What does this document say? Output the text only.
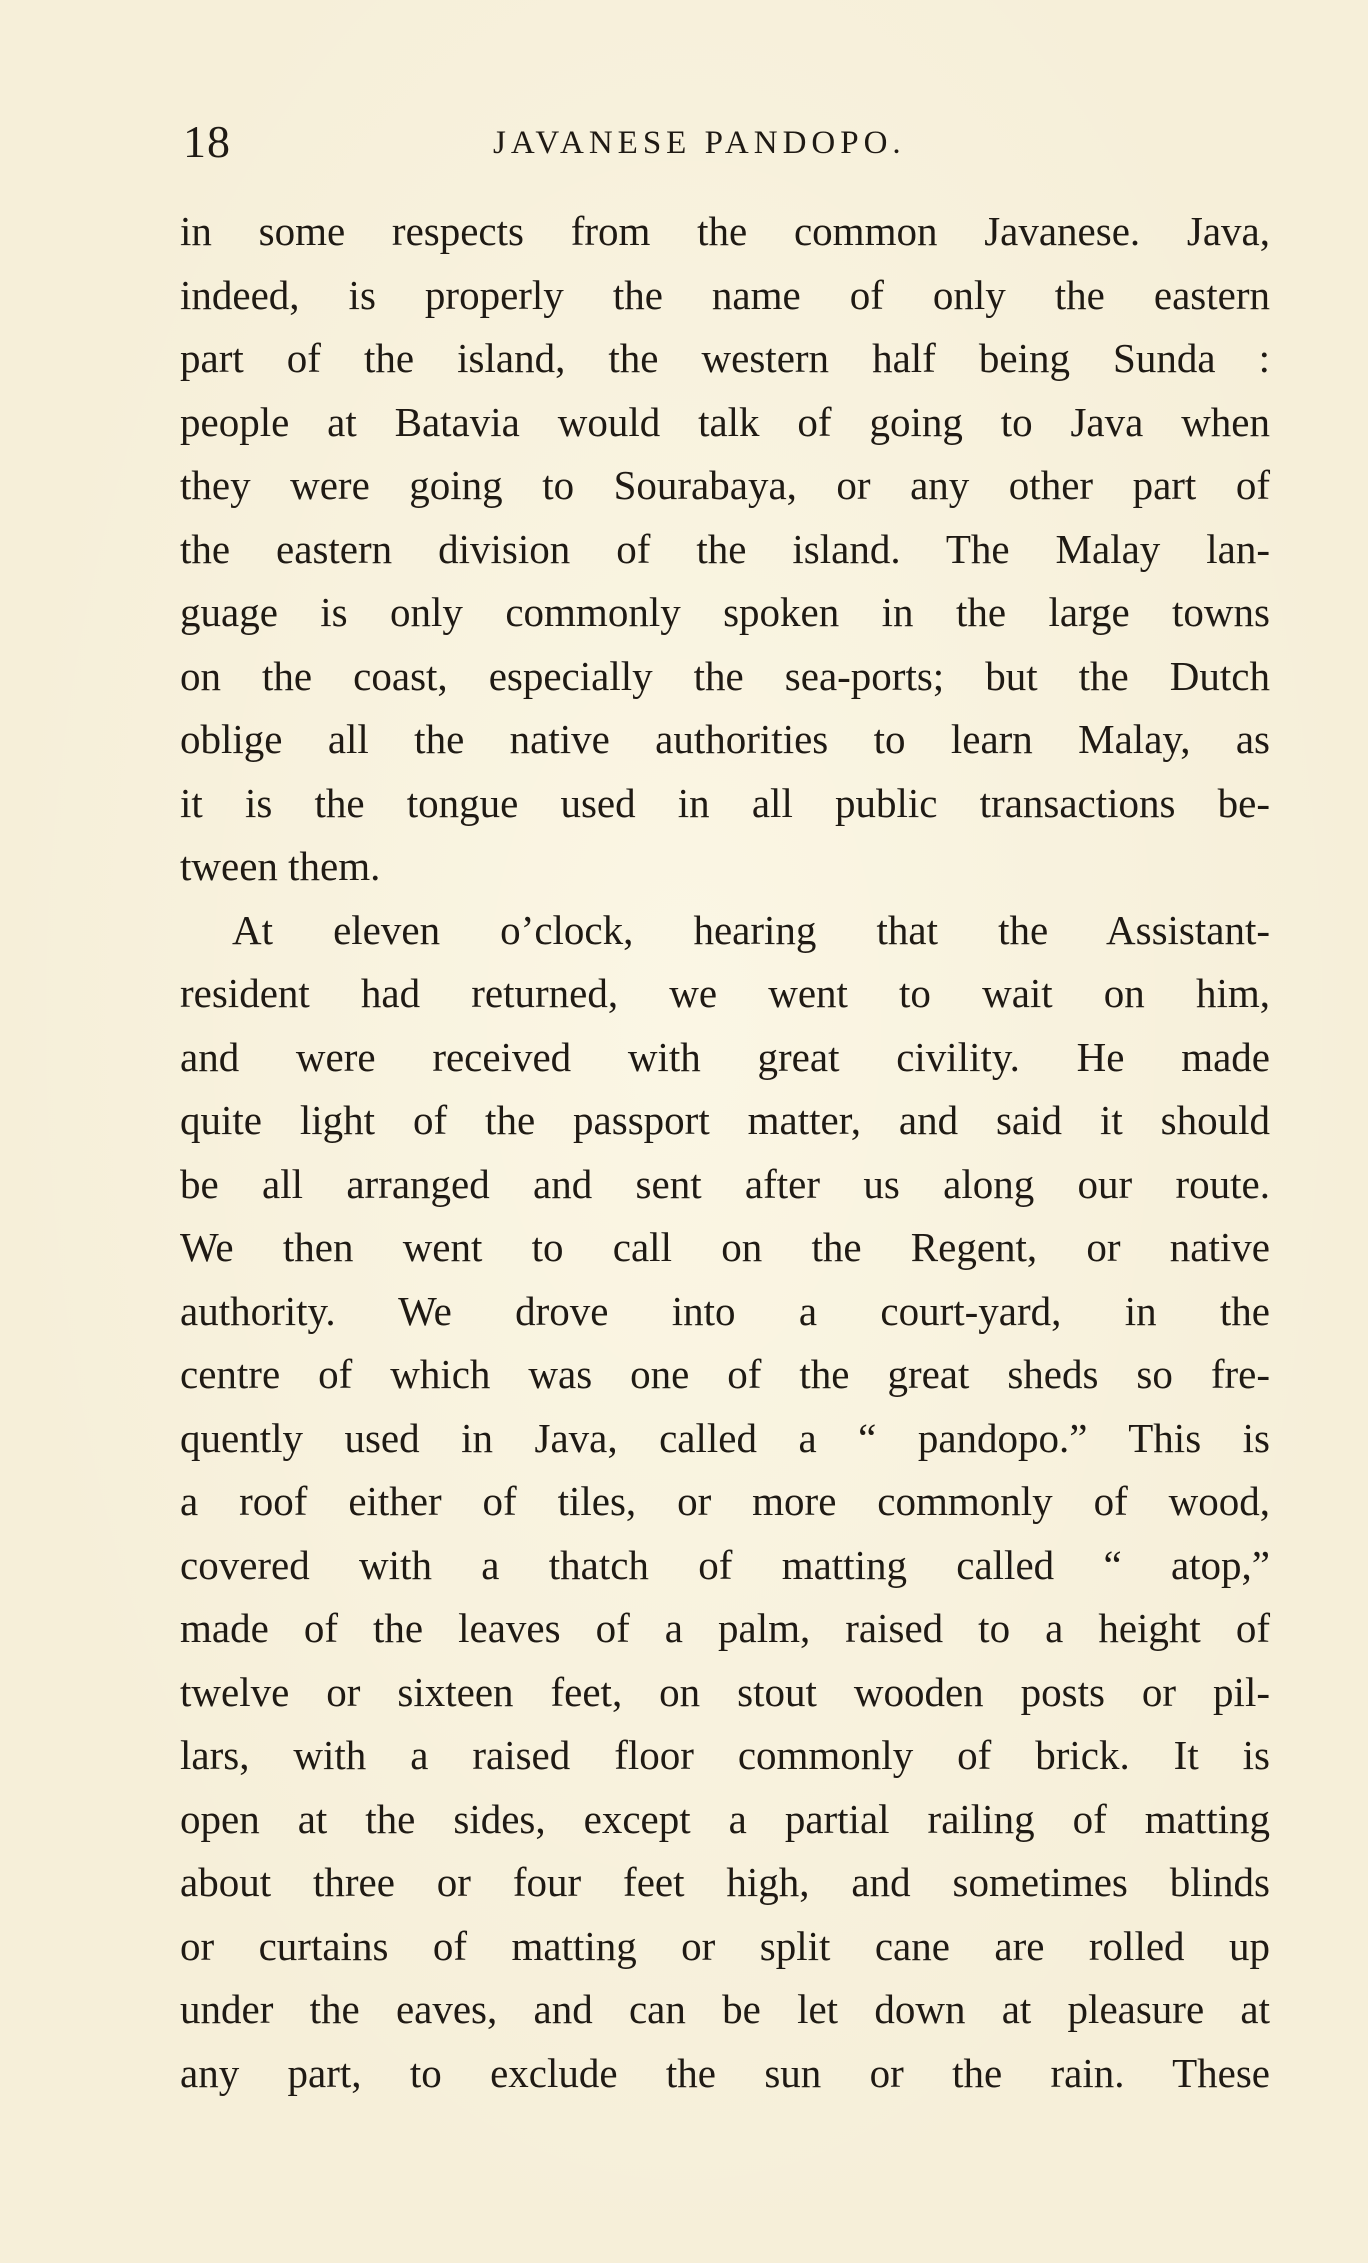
18	JAVANESE PANDOPO.
in some respects from the common Javanese. Java,
indeed, is properly the name of only the eastern
part of the island, the western half being Sunda :
people at Batavia would talk of going to Java when
they were going to Sourabaya, or any other part of
the eastern division of the island. The Malay lan-
guage is only commonly spoken in the large towns
on the coast, especially the sea-ports; but the Dutch
oblige all the native authorities to learn Malay, as
it is the tongue used in all public transactions be-
tween them.
At eleven o’clock, hearing that the Assistant-
resident had returned, we went to wait on him,
and were received with great civility. He made
quite light of the passport matter, and said it should
be all arranged and sent after us along our route.
We then went to call on the Regent, or native
authority. We drove into a court-yard, in the
centre of which was one of the great sheds so fre-
quently used in Java, called a “ pandopo.” This is
a roof either of tiles, or more commonly of wood,
covered with a thatch of matting called “ atop,”
made of the leaves of a palm, raised to a height of
twelve or sixteen feet, on stout wooden posts or pil-
lars, with a raised floor commonly of brick. It is
open at the sides, except a partial railing of matting
about three or four feet high, and sometimes blinds
or curtains of matting or split cane are rolled up
under the eaves, and can be let down at pleasure at
any part, to exclude the sun or the rain. These
